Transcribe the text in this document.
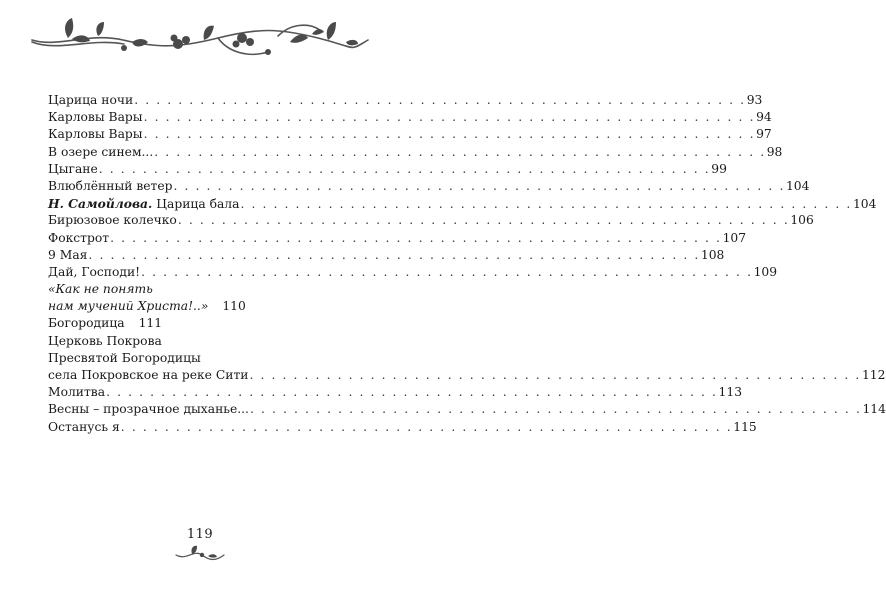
Царица ночи . . . . . . . . . . . . . . . . . . . . . . . . . . . . . . . . . . . . . . . . . . . . . . . . . . . . . . . . 93
Карловы Вары . . . . . . . . . . . . . . . . . . . . . . . . . . . . . . . . . . . . . . . . . . . . . . . . . . . . . . . . 94
Карловы Вары . . . . . . . . . . . . . . . . . . . . . . . . . . . . . . . . . . . . . . . . . . . . . . . . . . . . . . . . 97
В озере синем... . . . . . . . . . . . . . . . . . . . . . . . . . . . . . . . . . . . . . . . . . . . . . . . . . . . . . . . . 98
Цыгане . . . . . . . . . . . . . . . . . . . . . . . . . . . . . . . . . . . . . . . . . . . . . . . . . . . . . . . . 99
Влюблённый ветер . . . . . . . . . . . . . . . . . . . . . . . . . . . . . . . . . . . . . . . . . . . . . . . . . . . . . . . . 104
Н. Самойлова. Царица бала . . . . . . . . . . . . . . . . . . . . . . . . . . . . . . . . . . . . . . . . . . . . . . . . . . . . . . . . 104
Бирюзовое колечко . . . . . . . . . . . . . . . . . . . . . . . . . . . . . . . . . . . . . . . . . . . . . . . . . . . . . . . . 106
Фокстрот . . . . . . . . . . . . . . . . . . . . . . . . . . . . . . . . . . . . . . . . . . . . . . . . . . . . . . . . 107
9 Мая . . . . . . . . . . . . . . . . . . . . . . . . . . . . . . . . . . . . . . . . . . . . . . . . . . . . . . . . 108
Дай, Господи! . . . . . . . . . . . . . . . . . . . . . . . . . . . . . . . . . . . . . . . . . . . . . . . . . . . . . . . . 109
«Как не понять
нам мучений Христа!..» 110
Богородица 111
Церковь Покрова
Пресвятой Богородицы
села Покровское на реке Сити . . . . . . . . . . . . . . . . . . . . . . . . . . . . . . . . . . . . . . . . . . . . . . . . . . . . . . . . 112
Молитва . . . . . . . . . . . . . . . . . . . . . . . . . . . . . . . . . . . . . . . . . . . . . . . . . . . . . . . . 113
Весны – прозрачное дыханье... . . . . . . . . . . . . . . . . . . . . . . . . . . . . . . . . . . . . . . . . . . . . . . . . . . . . . . . . 114
Останусь я . . . . . . . . . . . . . . . . . . . . . . . . . . . . . . . . . . . . . . . . . . . . . . . . . . . . . . . . 115
119
